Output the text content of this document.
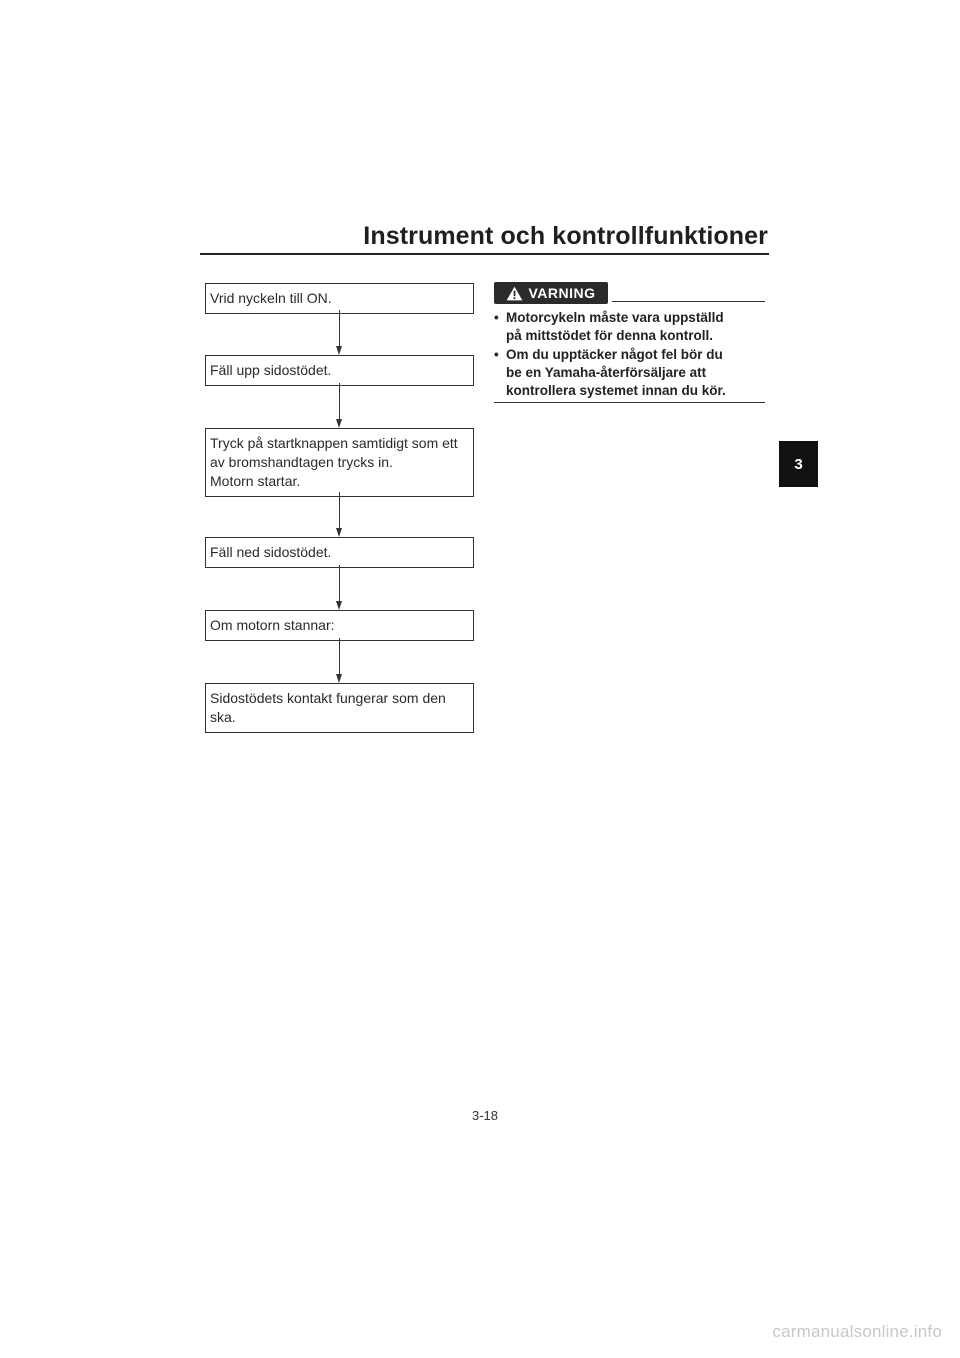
Instrument och kontrollfunktioner
Vrid nyckeln till ON.
Fäll upp sidostödet.
Tryck på startknappen samtidigt som ett
av bromshandtagen trycks in.
Motorn startar.
Fäll ned sidostödet.
Om motorn stannar:
Sidostödets kontakt fungerar som den
ska.
VARNING
• Motorcykeln måste vara uppställd
på mittstödet för denna kontroll.
• Om du upptäcker något fel bör du
be en Yamaha-återförsäljare att
kontrollera systemet innan du kör.
3
3-18
carmanualsonline.info
